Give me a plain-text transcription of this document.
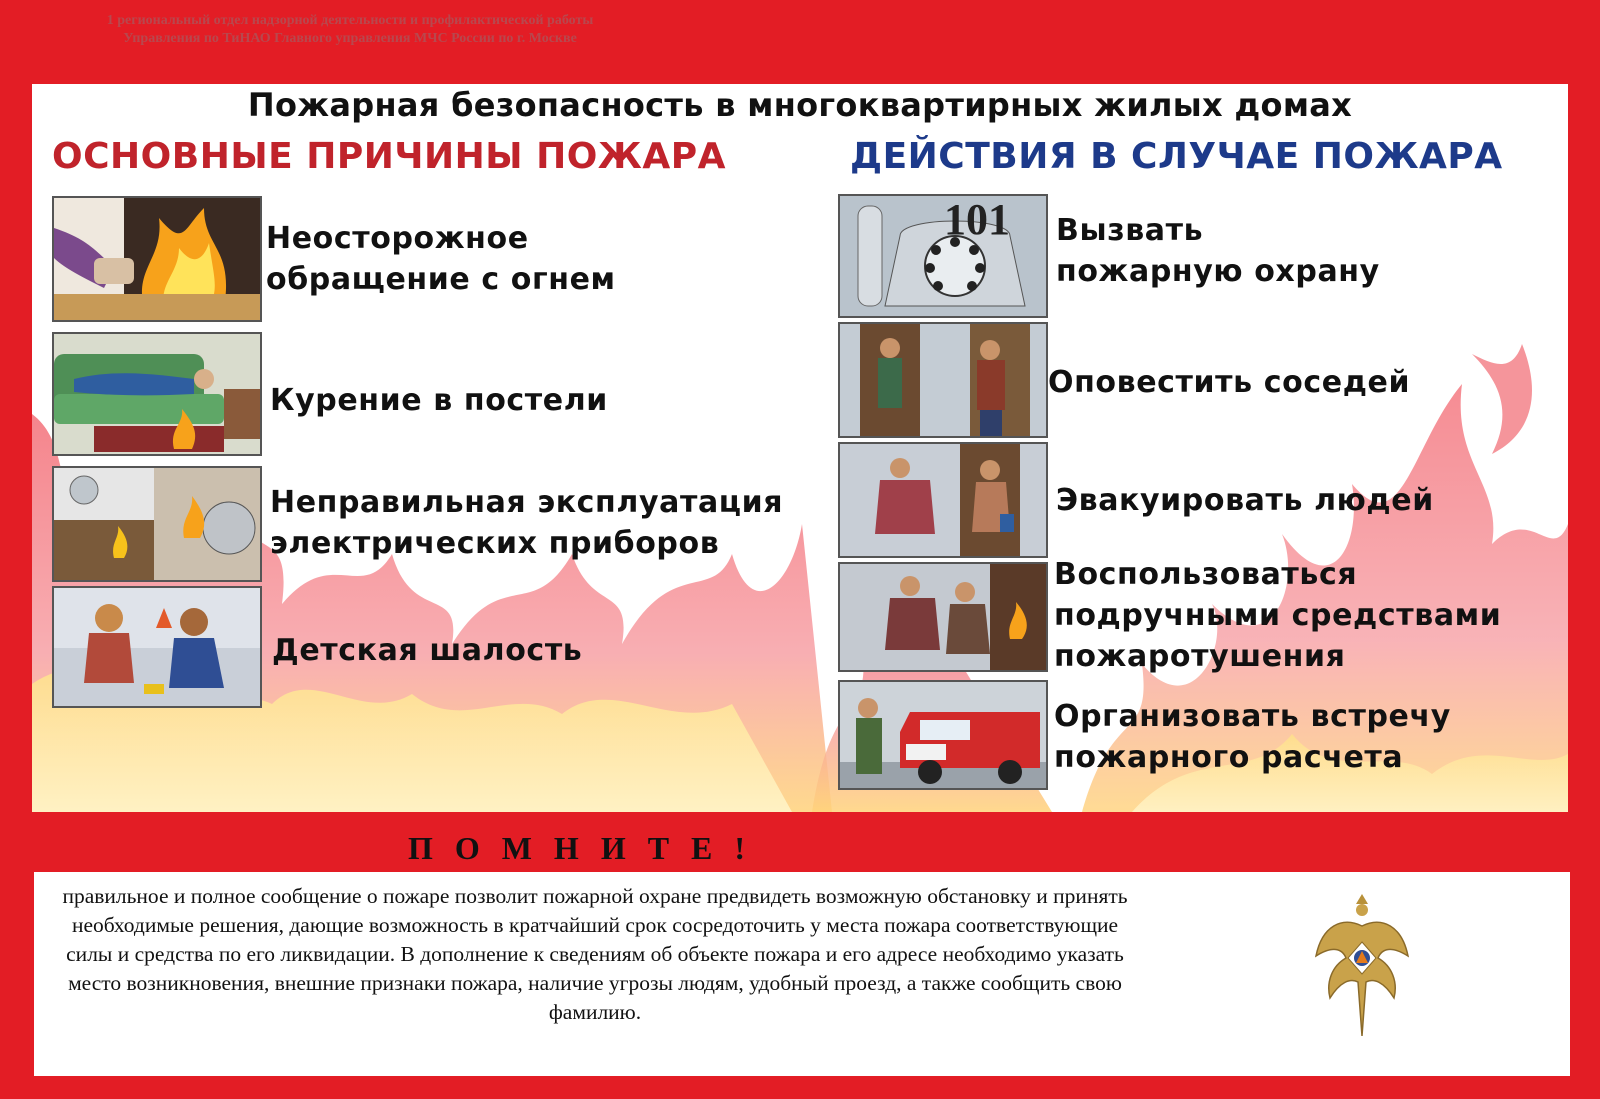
1 региональный отдел надзорной деятельности и профилактической работы
Управления по ТиНАО Главного управления МЧС России по г. Москве
Пожарная безопасность в многоквартирных жилых домах
ОСНОВНЫЕ ПРИЧИНЫ ПОЖАРА	ДЕЙСТВИЯ В СЛУЧАЕ ПОЖАРА
Неосторожное
обращение с огнем
Курение в постели
Неправильная эксплуатация
электрических приборов
Детская шалость
101 Вызвать
пожарную охрану
Оповестить соседей
Эвакуировать людей
Воспользоваться
подручными средствами
пожаротушения
Организовать встречу
пожарного расчета
П О М Н И Т Е !
правильное и полное сообщение о пожаре позволит пожарной охране предвидеть возможную обстановку и принять необходимые решения, дающие возможность в кратчайший срок сосредоточить у места пожара соответствующие силы и средства по его ликвидации. В дополнение к сведениям об объекте пожара и его адресе необходимо указать место возникновения, внешние признаки пожара, наличие угрозы людям, удобный проезд, а также сообщить свою фамилию.
